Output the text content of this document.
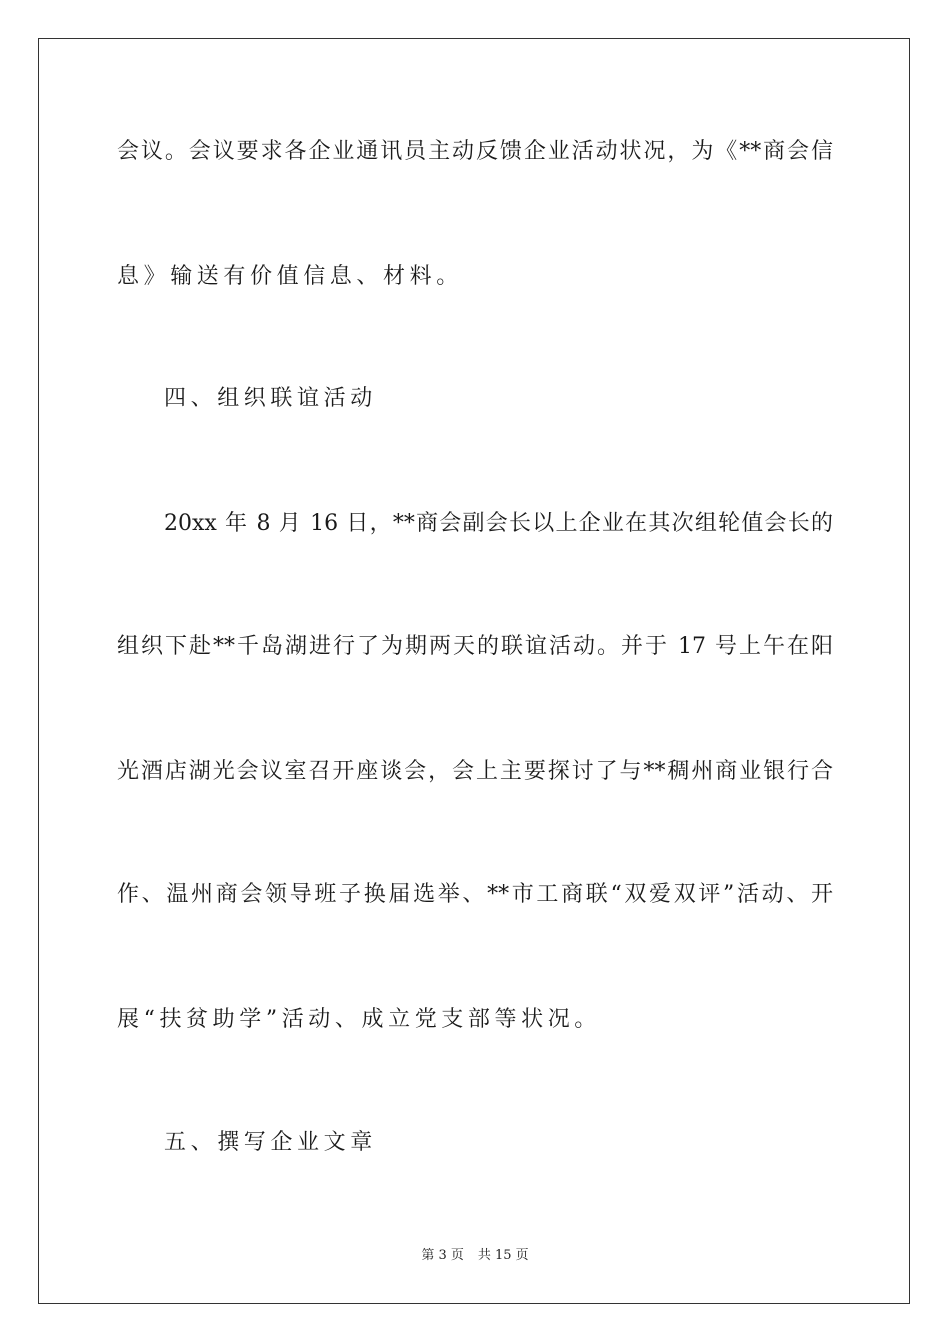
会议。会议要求各企业通讯员主动反馈企业活动状况，为《**商会信
息》输送有价值信息、材料。
四、组织联谊活动
20xx 年 8 月 16 日，**商会副会长以上企业在其次组轮值会长的
组织下赴**千岛湖进行了为期两天的联谊活动。并于 17 号上午在阳
光酒店湖光会议室召开座谈会，会上主要探讨了与**稠州商业银行合
作、温州商会领导班子换届选举、**市工商联“双爱双评”活动、开
展“扶贫助学”活动、成立党支部等状况。
五、撰写企业文章
第 3 页 共 15 页
